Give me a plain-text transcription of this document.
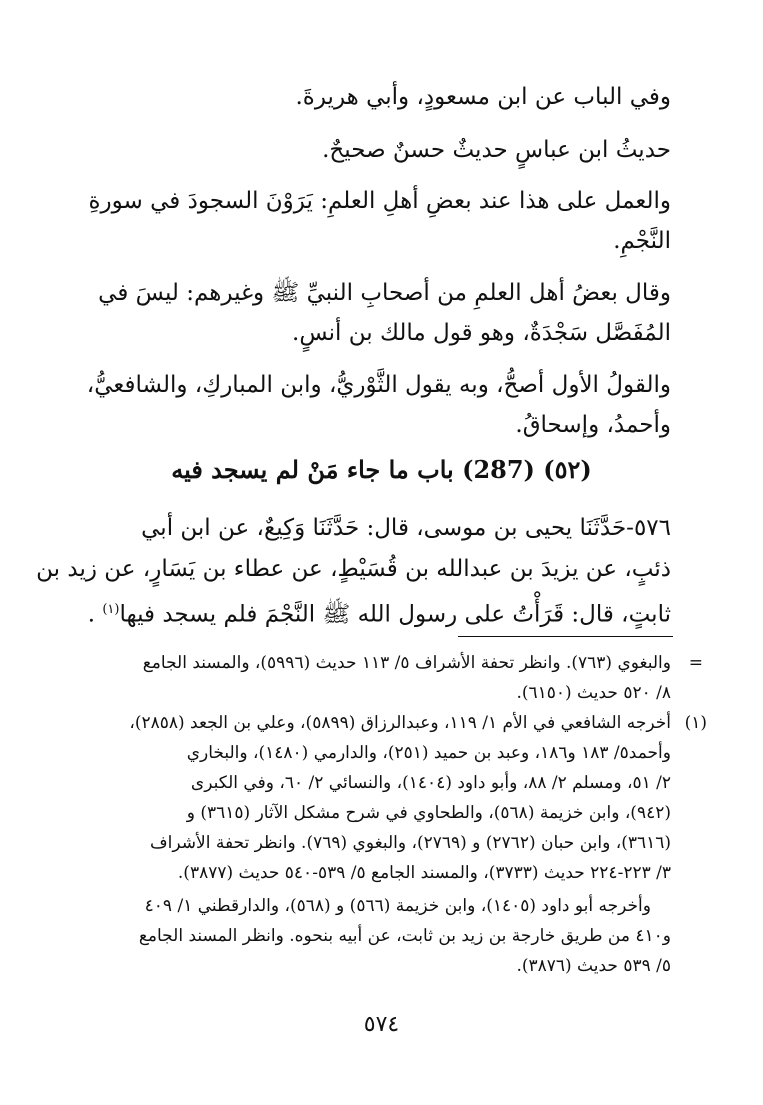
وفي الباب عن ابن مسعودٍ، وأبي هريرةَ.
حديثُ ابن عباسٍ حديثٌ حسنٌ صحيحٌ.
والعمل على هذا عند بعضِ أهلِ العلمِ: يَرَوْنَ السجودَ في سورةِ
النَّجْمِ.
وقال بعضُ أهل العلمِ من أصحابِ النبيِّ ﷺ وغيرهم: ليسَ في
المُفَصَّل سَجْدَةٌ، وهو قول مالك بن أنسٍ.
والقولُ الأول أصحُّ، وبه يقول الثَّوْريُّ، وابن المباركِ، والشافعيُّ،
وأحمدُ، وإسحاقُ.
(٥٢) (287) باب ما جاء مَنْ لم يسجد فيه
٥٧٦-حَدَّثَنَا يحيى بن موسى، قال: حَدَّثَنَا وَكِيعٌ، عن ابن أبي
ذئبٍ، عن يزيدَ بن عبدالله بن قُسَيْطٍ، عن عطاء بن يَسَارٍ، عن زيد بن
ثابتٍ، قال: قَرَأْتُ على رسول الله ﷺ النَّجْمَ فلم يسجد فيها$^{(١)}$ .
=
والبغوي (٧٦٣). وانظر تحفة الأشراف ٥/ ١١٣ حديث (٥٩٩٦)، والمسند الجامع
٨/ ٥٢٠ حديث (٦١٥٠).
(١)
أخرجه الشافعي في الأم ١/ ١١٩، وعبدالرزاق (٥٨٩٩)، وعلي بن الجعد (٢٨٥٨)،
وأحمد٥/ ١٨٣ و١٨٦، وعبد بن حميد (٢٥١)، والدارمي (١٤٨٠)، والبخاري
٢/ ٥١، ومسلم ٢/ ٨٨، وأبو داود (١٤٠٤)، والنسائي ٢/ ٦٠، وفي الكبرى
(٩٤٢)، وابن خزيمة (٥٦٨)، والطحاوي في شرح مشكل الآثار (٣٦١٥) و
(٣٦١٦)، وابن حبان (٢٧٦٢) و (٢٧٦٩)، والبغوي (٧٦٩). وانظر تحفة الأشراف
٣/ ٢٢٣-٢٢٤ حديث (٣٧٣٣)، والمسند الجامع ٥/ ٥٣٩-٥٤٠ حديث (٣٨٧٧).
وأخرجه أبو داود (١٤٠٥)، وابن خزيمة (٥٦٦) و (٥٦٨)، والدارقطني ١/ ٤٠٩
و٤١٠ من طريق خارجة بن زيد بن ثابت، عن أبيه بنحوه. وانظر المسند الجامع
٥/ ٥٣٩ حديث (٣٨٧٦).
٥٧٤
